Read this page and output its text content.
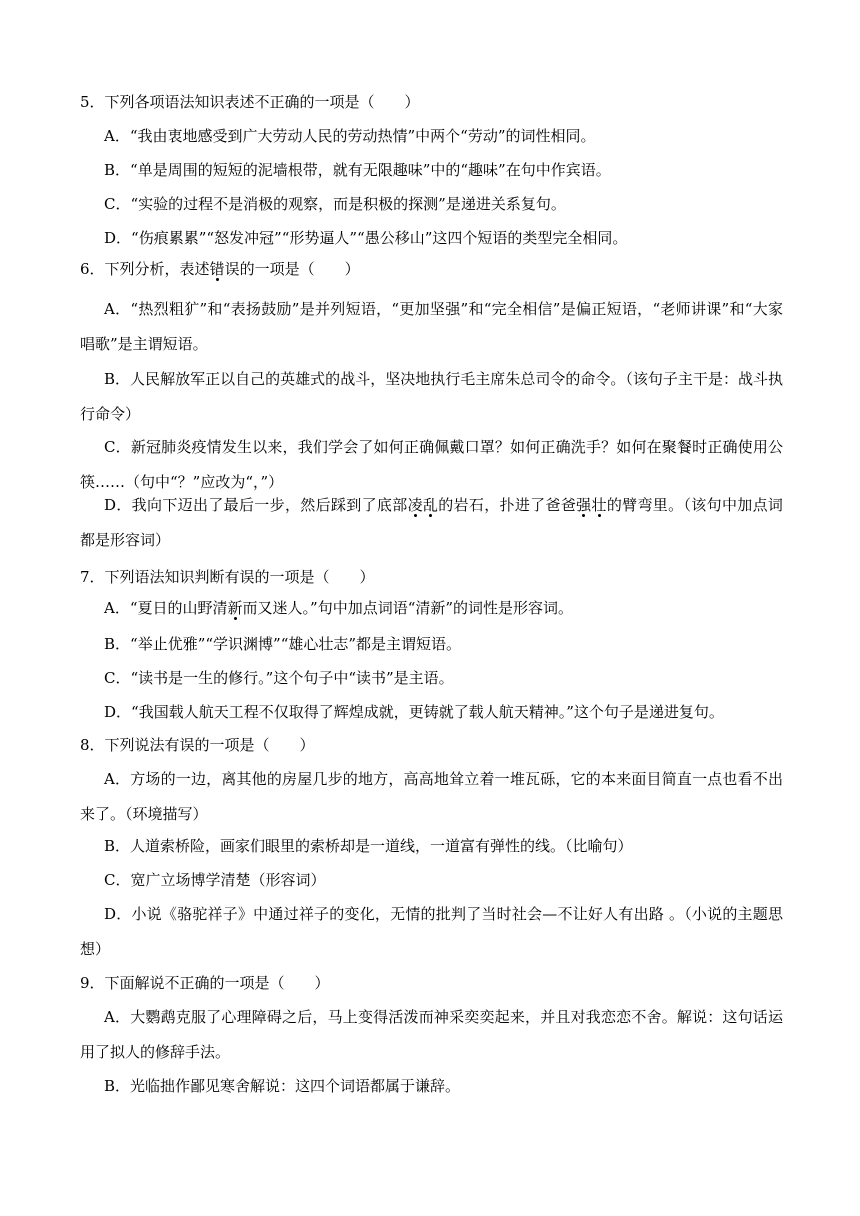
5．下列各项语法知识表述不正确的一项是（　　）
A．“我由衷地感受到广大劳动人民的劳动热情”中两个“劳动”的词性相同。
B．“单是周围的短短的泥墙根带，就有无限趣味”中的“趣味”在句中作宾语。
C．“实验的过程不是消极的观察，而是积极的探测”是递进关系复句。
D．“伤痕累累”“怒发冲冠”“形势逼人”“愚公移山”这四个短语的类型完全相同。
6．下列分析，表述错误的一项是（　　）
A．“热烈粗犷”和“表扬鼓励”是并列短语，“更加坚强”和“完全相信”是偏正短语，“老师讲课”和“大家唱歌”是主谓短语。
B．人民解放军正以自己的英雄式的战斗，坚决地执行毛主席朱总司令的命令。（该句子主干是：战斗执行命令）
C．新冠肺炎疫情发生以来，我们学会了如何正确佩戴口罩？如何正确洗手？如何在聚餐时正确使用公筷……（句中“？”应改为“，”）
D．我向下迈出了最后一步，然后踩到了底部凌乱的岩石，扑进了爸爸强壮的臂弯里。（该句中加点词都是形容词）
7．下列语法知识判断有误的一项是（　　）
A．“夏日的山野清新而又迷人。”句中加点词语“清新”的词性是形容词。
B．“举止优雅”“学识渊博”“雄心壮志”都是主谓短语。
C．“读书是一生的修行。”这个句子中“读书”是主语。
D．“我国载人航天工程不仅取得了辉煌成就，更铸就了载人航天精神。”这个句子是递进复句。
8．下列说法有误的一项是（　　）
A．方场的一边，离其他的房屋几步的地方，高高地耸立着一堆瓦砾，它的本来面目简直一点也看不出来了。（环境描写）
B．人道索桥险，画家们眼里的索桥却是一道线，一道富有弹性的线。（比喻句）
C．宽广立场博学清楚（形容词）
D．小说《骆驼祥子》中通过祥子的变化，无情的批判了当时社会—不让好人有出路 。（小说的主题思想）
9．下面解说不正确的一项是（　　）
A．大鹦鹉克服了心理障碍之后，马上变得活泼而神采奕奕起来，并且对我恋恋不舍。解说：这句话运用了拟人的修辞手法。
B．光临拙作鄙见寒舍解说：这四个词语都属于谦辞。
